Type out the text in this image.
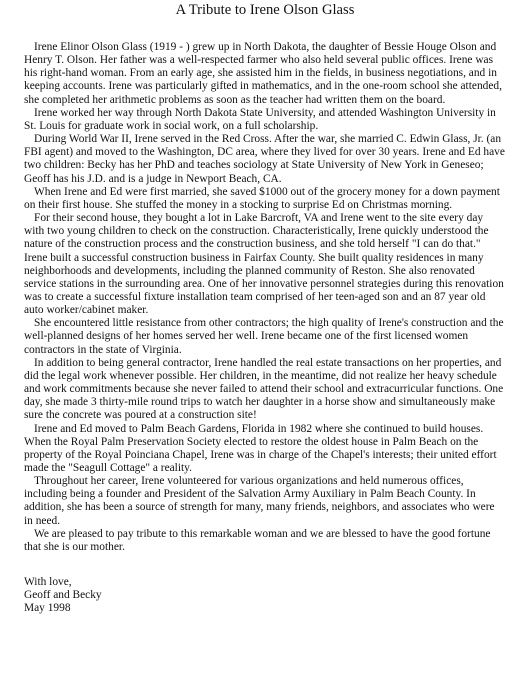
A Tribute to Irene Olson Glass

Irene Elinor Olson Glass (1919 - ) grew up in North Dakota, the daughter of Bessie Houge Olson and Henry T. Olson. Her father was a well-respected farmer who also held several public offices. Irene was his right-hand woman. From an early age, she assisted him in the fields, in business negotiations, and in keeping accounts. Irene was particularly gifted in mathematics, and in the one-room school she attended, she completed her arithmetic problems as soon as the teacher had written them on the board.

Irene worked her way through North Dakota State University, and attended Washington University in St. Louis for graduate work in social work, on a full scholarship.

During World War II, Irene served in the Red Cross. After the war, she married C. Edwin Glass, Jr. (an FBI agent) and moved to the Washington, DC area, where they lived for over 30 years. Irene and Ed have two children: Becky has her PhD and teaches sociology at State University of New York in Geneseo; Geoff has his J.D. and is a judge in Newport Beach, CA.

When Irene and Ed were first married, she saved $1000 out of the grocery money for a down payment on their first house. She stuffed the money in a stocking to surprise Ed on Christmas morning.

For their second house, they bought a lot in Lake Barcroft, VA and Irene went to the site every day with two young children to check on the construction. Characteristically, Irene quickly understood the nature of the construction process and the construction business, and she told herself "I can do that." Irene built a successful construction business in Fairfax County. She built quality residences in many neighborhoods and developments, including the planned community of Reston. She also renovated service stations in the surrounding area. One of her innovative personnel strategies during this renovation was to create a successful fixture installation team comprised of her teen-aged son and an 87 year old auto worker/cabinet maker.

She encountered little resistance from other contractors; the high quality of Irene's construction and the well-planned designs of her homes served her well. Irene became one of the first licensed women contractors in the state of Virginia.

In addition to being general contractor, Irene handled the real estate transactions on her properties, and did the legal work whenever possible. Her children, in the meantime, did not realize her heavy schedule and work commitments because she never failed to attend their school and extracurricular functions. One day, she made 3 thirty-mile round trips to watch her daughter in a horse show and simultaneously make sure the concrete was poured at a construction site!

Irene and Ed moved to Palm Beach Gardens, Florida in 1982 where she continued to build houses. When the Royal Palm Preservation Society elected to restore the oldest house in Palm Beach on the property of the Royal Poinciana Chapel, Irene was in charge of the Chapel's interests; their united effort made the "Seagull Cottage" a reality.

Throughout her career, Irene volunteered for various organizations and held numerous offices, including being a founder and President of the Salvation Army Auxiliary in Palm Beach County. In addition, she has been a source of strength for many, many friends, neighbors, and associates who were in need.

We are pleased to pay tribute to this remarkable woman and we are blessed to have the good fortune that she is our mother.

With love,
Geoff and Becky
May 1998
